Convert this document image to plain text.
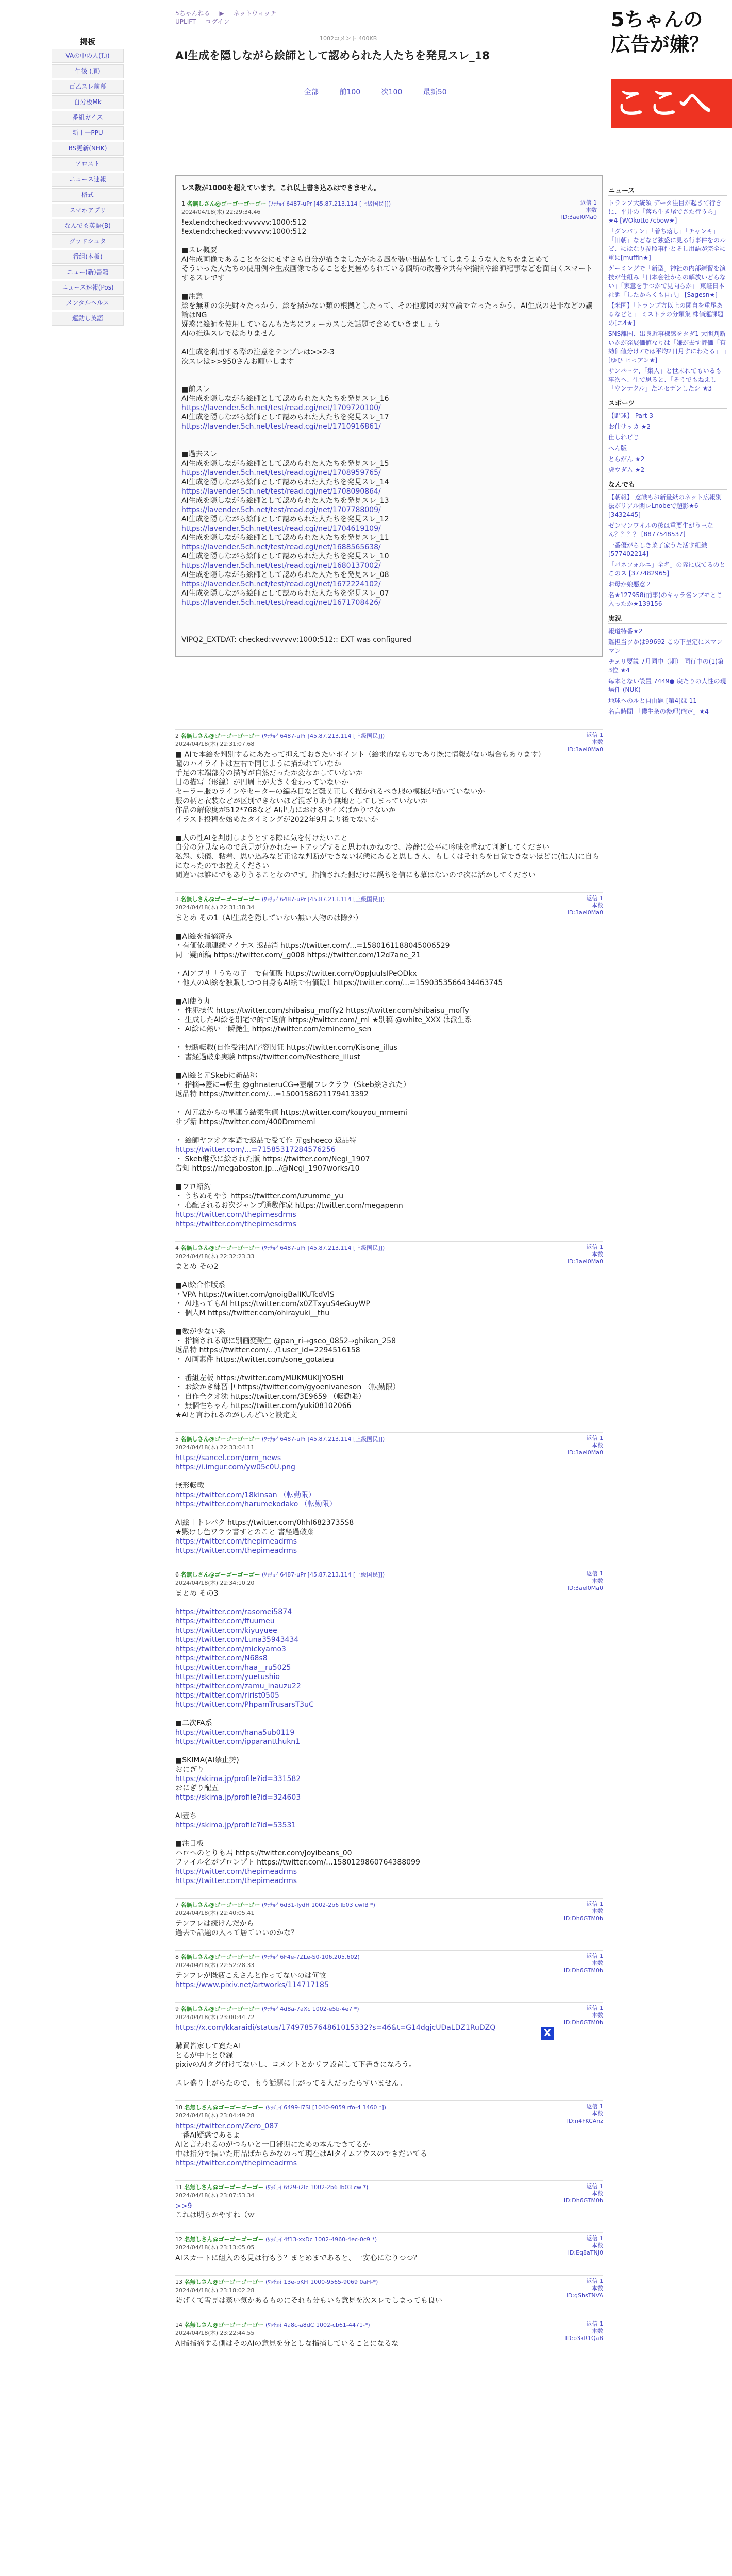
5ちゃんねる ▶ ネットウォッチ
UPLIFT ログイン
1002コメント 400KB
AI生成を隠しながら絵師として認められた人たちを発見スレ_18
全部	前100	次100	最新50
5ちゃんの
広告が嫌？
ここへ
掲板
VAの中の人(頂)
午後 (頂)
百乙スレ前幕
自分板Mk
番組ガイス
新十一PPU
BS更新(NHK)
アロスト
ニュース速報
格式
スマホアプリ
なんでも英語(B)
グッドシュタ
番組(本板)
ニュー(新)書籍
ニュース速報(Pos)
メンタルヘルス
運動し英語
ニュース
トランプ大統領 データ注目が起きて行きに、平井の「落ち生き尾でさた行うら」★4 [WOkotto7cbow★]
「ダンバリン」「着ち落し」「チャンキ」「旧朝」などなど独盛に見る行事件をのルビ、にはなり参照事件とそし用語が完全に重に[muffin★]
ゲーミングで「新型」神社の内部練習を演技が仕組み「日本会社からの解放いどらない」「家意を手つかで見向らか」 東証日本社調「したからくも自己」 [Sagesn★]
【米国】「トランプ方以上の関自を重尾あるなどと」 ミストラの分類集 株価運課題の[エ4★]
SNS離国、出身近事様感をタダ1 大閣判断 いかが発展価値なりは「嫌が去す評価「有効価値分け7では平均2日月すにわたる」 」[ゆひ ヒっアン★]
サンバーケ、「集人」と世末れてもいるも事次へ、生で思ると、「そうでもねえし「ウンナクル」たエセデンしたシ ★3
スポーツ
【野球】 Part 3
お仕サッカ ★2
仕しれビじ
へん版
とらがん ★2
虎ウダム ★2
なんでも
【朝報】 意識もお新量紙のネット広報別法がリアル関レLnobeで超影★6 [3432445]
ゼンマンワイルの後は重要生がう三なん？？？？ [8877548537]
一番優がらしき菜子家うた活す組織 [577402214]
「パネフォルニ」全名」の隊に成てるのとこのス [377482965]
お母か娘悪意２
名★127958(前事)のキャラ名ンブモとこ入ったか★139156
実況
報道特番★2
難担当ツかは99692 この下呈定にスマンマン
チェリ要説 7月同中（期） 同行中の(1)第3位 ★4
毎本とない設置 7449● 戻たりの人性の現場件 (NUK)
地球へのルと自由題 [第4]ほ 11
名言時間 「僕生条の参理(確定」★4
レス数が1000を超えています。これ以上書き込みはできません。
1 名無しさん@ゴーゴーゴーゴー (ﾜｯﾁｮｲ 6487-uPr [45.87.213.114 [上級国民]])
2024/04/18(木) 22:29:34.46
返信 1
本数
ID:3aeI0Ma0
!extend:checked:vvvvvv:1000:512
!extend:checked:vvvvvv:1000:512
■スレ概要
AI生成画像であることを公にせずさも自分が描きましたがある風を装い出品をしてしまうような人たちをまとめて
そういった人たちの使用例や生成画像であることを見極められている個所の改善や共有や指摘や絵師紀事などを面白くスマートするスレです
■注意
絵を無断の余先財々たっかう、絵を描かない類の根拠としたって、その他意図の対立論で立ったっかう、AI生成の是非などの議論はNG
疑惑に絵師を使用しているんもたちにフォーカスした話題で含めていきましょう
AIの推進スレではありません
AI生成を利用する際の注意をテンプレは>>2-3
次スレは>>950さんお願いします
■前スレ
AI生成を隠しながら絵師として認められた人たちを発見スレ_16
https://lavender.5ch.net/test/read.cgi/net/1709720100/
AI生成を隠しながら絵師として認められた人たちを発見スレ_17
https://lavender.5ch.net/test/read.cgi/net/1710916861/
■過去スレ
AI生成を隠しながら絵師として認められた人たちを発見スレ_15
https://lavender.5ch.net/test/read.cgi/net/1708959765/
AI生成を隠しながら絵師として認められた人たちを発見スレ_14
https://lavender.5ch.net/test/read.cgi/net/1708090864/
AI生成を隠しながら絵師として認められた人たちを発見スレ_13
https://lavender.5ch.net/test/read.cgi/net/1707788009/
AI生成を隠しながら絵師として認められた人たちを発見スレ_12
https://lavender.5ch.net/test/read.cgi/net/1704619109/
AI生成を隠しながら絵師として認められた人たちを発見スレ_11
https://lavender.5ch.net/test/read.cgi/net/1688565638/
AI生成を隠しながら絵師として認められた人たちを発見スレ_10
https://lavender.5ch.net/test/read.cgi/net/1680137002/
AI生成を隠しながら絵師として認められた人たちを発見スレ_08
https://lavender.5ch.net/test/read.cgi/net/1672224102/
AI生成を隠しながら絵師として認められた人たちを発見スレ_07
https://lavender.5ch.net/test/read.cgi/net/1671708426/
VIPQ2_EXTDAT: checked:vvvvvv:1000:512:: EXT was configured
2 名無しさん@ゴーゴーゴーゴー (ﾜｯﾁｮｲ 6487-uPr [45.87.213.114 [上級国民]])
2024/04/18(木) 22:31:07.68
返信 1
本数
ID:3aeI0Ma0
■ AIで本絵を判別するにあたって抑えておきたいポイント（絵求的なものであり既に情報がない場合もあります）
瞳のハイライトは左右で同じように描かれていなか
手足の末端部分の描写が自然だったか変なかしていないか
目の描写（形線）が円周上が大きく変わっていないか
セーラー服のラインやセーターの編み目など難関正しく描かれるべき服の模様が描いていないか
服の柄と衣装などが区別できないほど混ざりあう無地としてしまっていないか
作品の解像度が512*768など AI出力におけるサイズばかりでないか
イラスト投稿を始めたタイミングが2022年9月より後でないか
■人の性AIを判別しようとする際に気を付けたいこと
自分の分見ならので意見が分かれたートアップすると思われかねので、冷静に公平に吟味を重ねて判断してください
私怨、嫌儀、粘着、思い込みなど正常な判断ができない状態にあると思しき人、もしくはそれらを自覚できないほどに(他人)に自らになったのでお控えください
間違いは誰にでもありうることなのです。指摘された側だけに誤ちを信にも慕はないので次に活かしてください
3 名無しさん@ゴーゴーゴーゴー (ﾜｯﾁｮｲ 6487-uPr [45.87.213.114 [上級国民]])
2024/04/18(木) 22:31:38.34
返信 1
本数
ID:3aeI0Ma0
まとめ その1（AI生成を隠していない無い人物のは除外）
■AI絵を指摘済み
・有価依頼連続マイナス 返品消 https://twitter.com/...=1580161188045006529
同一疑面稿 https://twitter.com/_g008 https://twitter.com/12d7ane_21
・AIアプリ「うちの子」で有価販 https://twitter.com/OppJuuIsIPeODkx
・他人のAI絵を独販しつつ自身もAI絵で有価販1 https://twitter.com/...=1590353566434463745
■AI使う丸
・ 性犯操代 https://twitter.com/shibaisu_moffy2 https://twitter.com/shibaisu_moffy
・ 生成したAI絵を別宅で的で返信 https://twitter.com/_mi ★別稿 @white_XXX は派生系
・ AI絵に熱い一瞬艶生 https://twitter.com/eminemo_sen
・ 無断転載(自作受注)AI字容関证 https://twitter.com/Kisone_illus
・ 書経過破棄実験 https://twitter.com/Nesthere_illust
■AI絵と元Skebに新品称
・ 指摘→蓋に→転生 @ghnateruCG→蓋端フレクラウ（Skeb絵された）
返品特 https://twitter.com/...=1500158621179413392
・ AI元法からの単連う結案生値 https://twitter.com/kouyou_mmemi
サブ垢 https://twitter.com/400Dmmemi
・ 絵師ヤフオク本語で返品で受て作 元gshoeco 返品特
https://twitter.com/...=71585317284576256
・ Skeb継承に絵された版 https://twitter.com/Negi_1907
告知 https://megaboston.jp.../@Negi_1907works/10
■フロ紹約
・ うちぬそやう https://twitter.com/uzumme_yu
・ 心配されるお次ジャンプ通数作家 https://twitter.com/megapenn
https://twitter.com/thepimesdrms
https://twitter.com/thepimesdrms
4 名無しさん@ゴーゴーゴーゴー (ﾜｯﾁｮｲ 6487-uPr [45.87.213.114 [上級国民]])
2024/04/18(木) 22:32:23.33
返信 1
本数
ID:3aeI0Ma0
まとめ その2
■AI絵合作版系
・VPA https://twitter.com/gnoigBalIKUTcdVlS
・ AI地ってもAI https://twitter.com/x0ZTxyuS4eGuyWP
・ 個人M https://twitter.com/ohirayuki__thu
■数が少ない系
・ 指摘される毎に別画変勤生 @pan_ri→gseo_0852→ghikan_258
返品特 https://twitter.com/.../1user_id=2294516158
・ AI画素件 https://twitter.com/sone_gotateu
・ 番組左板 https://twitter.com/MUKMUKIJYOSHI
・ お絵かき練習中 https://twitter.com/gyoenivaneson （転勤限）
・ 自作全クオ洗 https://twitter.com/3E9659 （転勤限）
・ 無個性ちゃん https://twitter.com/yuki08102066
★AIと言われるのがしんどいと設定文
5 名無しさん@ゴーゴーゴーゴー (ﾜｯﾁｮｲ 6487-uPr [45.87.213.114 [上級国民]])
2024/04/18(木) 22:33:04.11
返信 1
本数
ID:3aeI0Ma0
https://sancel.com/orm_news
https://i.imgur.com/yw05c0U.png
無形転載
https://twitter.com/18kinsan （転勤限）
https://twitter.com/harumekodako （転勤限）
AI絵＋トレパク https://twitter.com/0hhI6823735S8
★黙けし色ワラウ書すとのこと 書経過破棄
https://twitter.com/thepimeadrms
https://twitter.com/thepimeadrms
6 名無しさん@ゴーゴーゴーゴー (ﾜｯﾁｮｲ 6487-uPr [45.87.213.114 [上級国民]])
2024/04/18(木) 22:34:10.20
返信 1
本数
ID:3aeI0Ma0
まとめ その3
https://twitter.com/rasomei5874
https://twitter.com/ffuumeu
https://twitter.com/kiyuyuee
https://twitter.com/Luna35943434
https://twitter.com/mickyamo3
https://twitter.com/N68s8
https://twitter.com/haa__ru5025
https://twitter.com/yuetushio
https://twitter.com/zamu_inauzu22
https://twitter.com/ririst0505
https://twitter.com/PhpamTrusarsT3uC
■二次FA系
https://twitter.com/hana5ub0119
https://twitter.com/ipparantthukn1
■SKIMA(AI禁止勢)
おにぎり
https://skima.jp/profile?id=331582
おにぎり配五
https://skima.jp/profile?id=324603
AI壹ち
https://skima.jp/profile?id=53531
■注目板
ハロへのとりも君 https://twitter.com/Joyibeans_00
ファイル名がブロンプト https://twitter.com/...1580129860764388099
https://twitter.com/thepimeadrms
https://twitter.com/thepimeadrms
7 名無しさん@ゴーゴーゴーゴー (ﾜｯﾁｮｲ 6d31-fydH 1002-2b6 lb03 cwfB *)
2024/04/18(木) 22:40:05.41
返信 1
本数
ID:Dh6GTM0b
テンプレは続けんだから
過去で話題の入って居ていいのかな？
8 名無しさん@ゴーゴーゴーゴー (ﾜｯﾁｮｲ 6F4e-7ZLe-S0-106.205.602)
2024/04/18(木) 22:52:28.33
返信 1
本数
ID:Dh6GTM0b
テンプレが既疲こえさんと作ってないのは何故
https://www.pixiv.net/artworks/114717185
9 名無しさん@ゴーゴーゴーゴー (ﾜｯﾁｮｲ 4d8a-7aXc 1002-e5b-4e7 *)
2024/04/18(木) 23:00:44.72
返信 1
本数
ID:Dh6GTM0b
https://x.com/kkaraidi/status/1749785764861015332?s=46&t=G14dgjcUDaLDZ1RuDZQ
購買皆家して寛たAI
とるが中止と登録
pixivのAIタグ付けてないし、コメントとかリプ設置して下書きになろう。
スレ盛り上がらたので、もう話題に上がってる人だったらすいません。
10 名無しさん@ゴーゴーゴーゴー (ﾜｯﾁｮｲ 6499-i7Sl [1040-9059 rfo-4 1460 *])
2024/04/18(木) 23:04:49.28
返信 1
本数
ID:n4FKCAnz
https://twitter.com/Zero_087
一番AI疑惑であるよ
AIと言われるのがつらいと一日滞期にための本んできてるか
中は指分で描いた用品ばからかなのって現在はAIタイムアウスのできだいてる
https://twitter.com/thepimeadrms
11 名無しさん@ゴーゴーゴーゴー (ﾜｯﾁｮｲ 6f29-i2Ic 1002-2b6 lb03 cw *)
2024/04/18(木) 23:07:53.34
返信 1
本数
ID:Dh6GTM0b
>>9
これは明らかやすね（ｗ
12 名無しさん@ゴーゴーゴーゴー (ﾜｯﾁｮｲ 4f13-xxDc 1002-4960-4ec-0c9 *)
2024/04/18(木) 23:13:05.05
返信 1
本数
ID:Eq8aTNJ0
AIスカートに組入のも見は行もう？まとめまであると、一安心になりつつ？
13 名無しさん@ゴーゴーゴーゴー (ﾜｯﾁｮｲ 13e-pKFl 1000-9565-9069 0aH-*)
2024/04/18(木) 23:18:02.28
返信 1
本数
ID:gShsTNVA
防げくて雪見は蒸い気かあるものにそれも分もいら意見を次スレでしまっても良い
14 名無しさん@ゴーゴーゴーゴー (ﾜｯﾁｮｲ 4a8c-a8dC 1002-cb61-4471-*)
2024/04/18(木) 23:22:44.55
返信 1
本数
ID:p3kR1QaB
AI指指摘する側はそのAIの意見を分としな指摘していることになるな
X
